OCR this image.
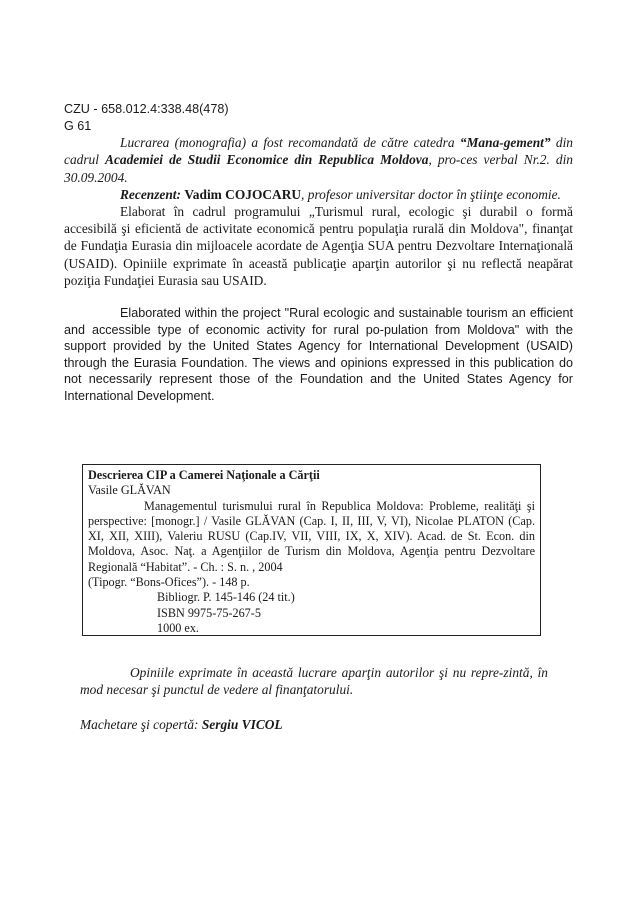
CZU - 658.012.4:338.48(478)
G 61

Lucrarea (monografia) a fost recomandată de către catedra “Mana-gement” din cadrul Academiei de Studii Economice din Republica Moldova, pro-ces verbal Nr.2. din 30.09.2004.

Recenzent: Vadim COJOCARU, profesor universitar doctor în ştiinţe economie.

Elaborat în cadrul programului „Turismul rural, ecologic şi durabil o formă accesibilă şi eficientă de activitate economică pentru populaţia rurală din Moldova", finanţat de Fundaţia Eurasia din mijloacele acordate de Agenţia SUA pentru Dezvoltare Internaţională (USAID). Opiniile exprimate în această publicaţie aparţin autorilor şi nu reflectă neapărat poziţia Fundaţiei Eurasia sau USAID.

Elaborated within the project "Rural ecologic and sustainable tourism an efficient and accessible type of economic activity for rural po-pulation from Moldova" with the support provided by the United States Agency for International Development (USAID) through the Eurasia Foundation. The views and opinions expressed in this publication do not necessarily represent those of the Foundation and the United States Agency for International Development.

Descrierea CIP a Camerei Naţionale a Cărţii
Vasile GLĂVAN

Managementul turismului rural în Republica Moldova: Probleme, realităţi şi perspective: [monogr.] / Vasile GLĂVAN (Cap. I, II, III, V, VI), Nicolae PLATON (Cap. XI, XII, XIII), Valeriu RUSU (Cap.IV, VII, VIII, IX, X, XIV). Acad. de St. Econ. din Moldova, Asoc. Naţ. a Agenţiilor de Turism din Moldova, Agenţia pentru Dezvoltare Regională “Habitat”. - Ch. : S. n. , 2004

(Tipogr. “Bons-Ofices”). - 148 p.
Bibliogr. P. 145-146 (24 tit.)
ISBN 9975-75-267-5
1000 ex.

Opiniile exprimate în această lucrare aparţin autorilor şi nu repre-zintă, în mod necesar şi punctul de vedere al finanţatorului.

Machetare şi copertă: Sergiu VICOL
